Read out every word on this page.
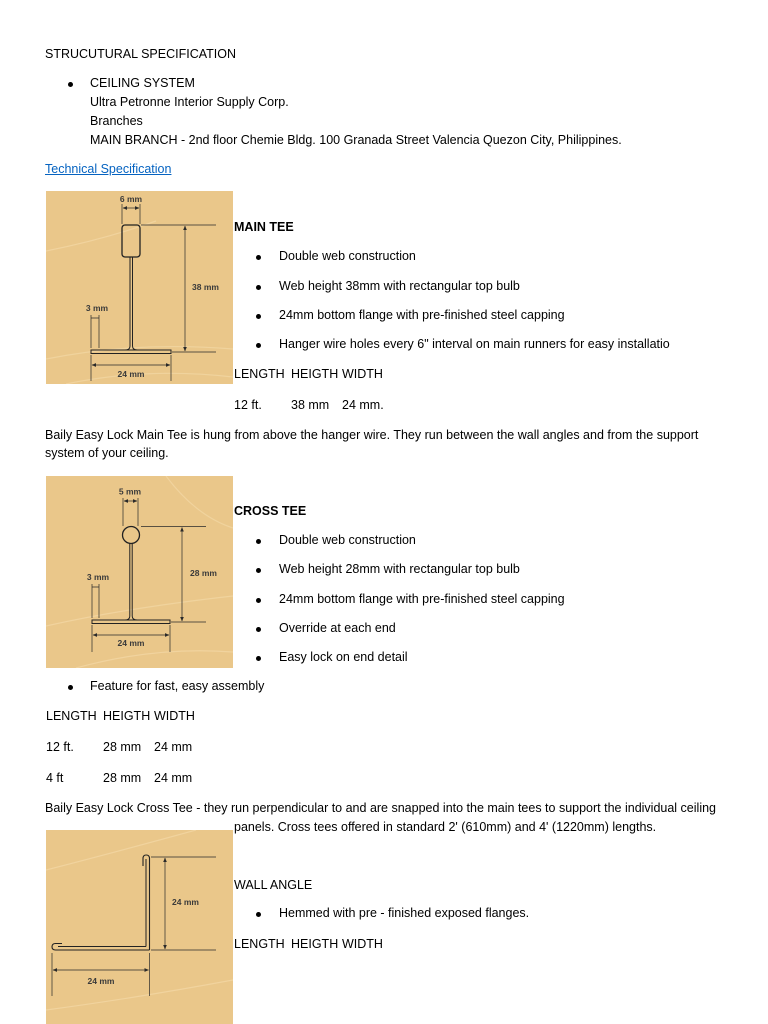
STRUCUTURAL SPECIFICATION
CEILING SYSTEM
Ultra Petronne Interior Supply Corp.
Branches
MAIN BRANCH - 2nd floor Chemie Bldg. 100 Granada Street Valencia Quezon City, Philippines.
Technical Specification
6 mm
38 mm
3 mm
24 mm
MAIN TEE
Double web construction
Web height 38mm with rectangular top bulb
24mm bottom flange with pre-finished steel capping
Hanger wire holes every 6" interval on main runners for easy installatio
LENGTH HEIGTH WIDTH
12 ft. 38 mm 24 mm.
Baily Easy Lock Main Tee is hung from above the hanger wire. They run between the wall angles and from the support
system of your ceiling.
5 mm
28 mm
3 mm
24 mm
CROSS TEE
Double web construction
Web height 28mm with rectangular top bulb
24mm bottom flange with pre-finished steel capping
Override at each end
Easy lock on end detail
Feature for fast, easy assembly
LENGTH HEIGTH WIDTH
12 ft. 28 mm 24 mm
4 ft	28 mm 24 mm
Baily Easy Lock Cross Tee - they run perpendicular to and are snapped into the main tees to support the individual ceiling
panels. Cross tees offered in standard 2' (610mm) and 4' (1220mm) lengths.
24 mm
24 mm
WALL ANGLE
Hemmed with pre - finished exposed flanges.
LENGTH HEIGTH WIDTH
